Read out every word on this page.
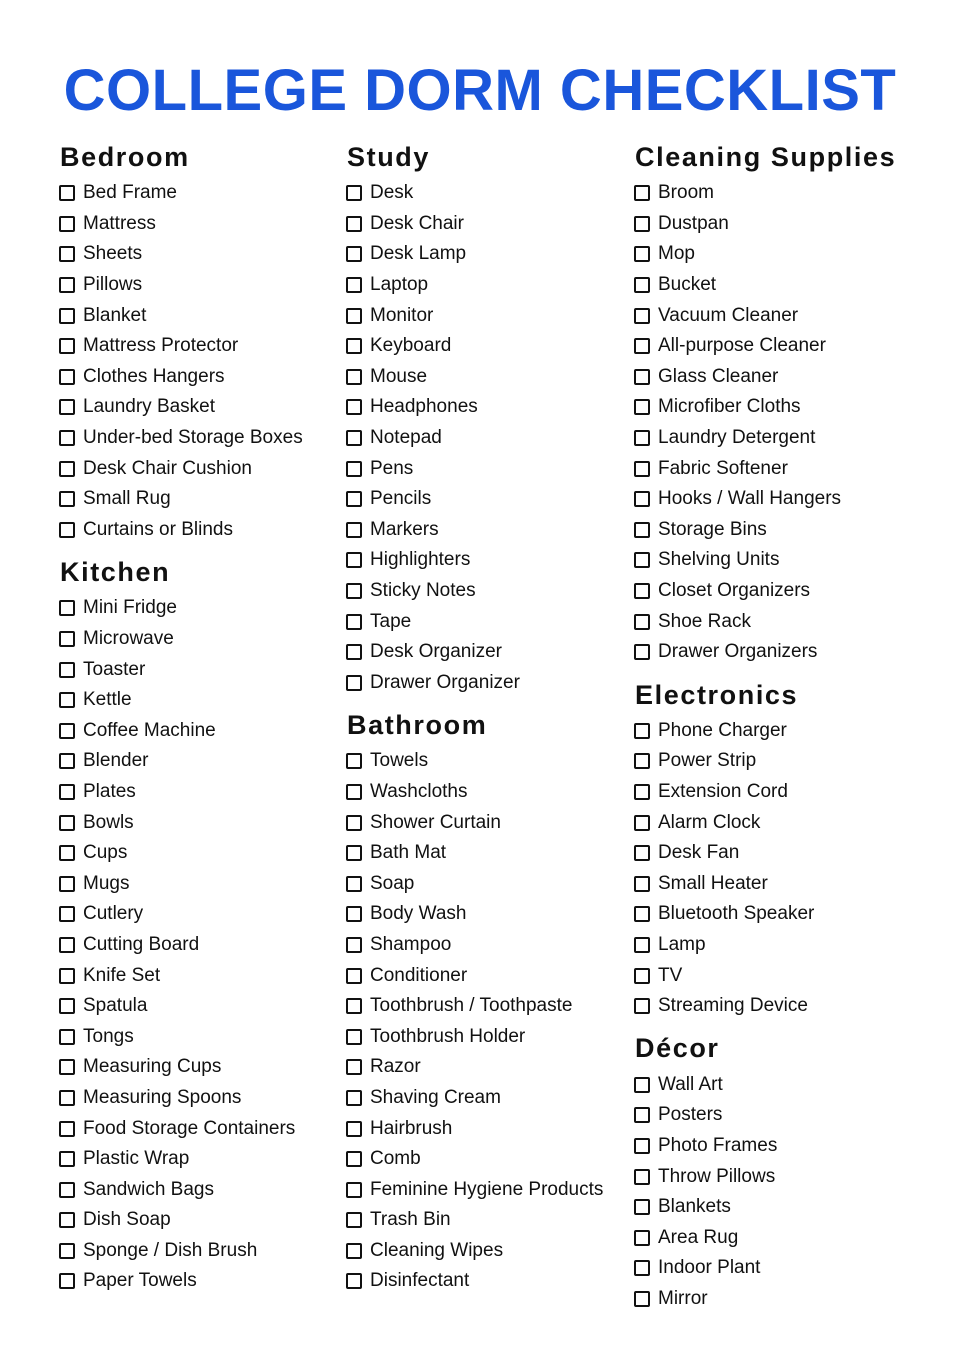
COLLEGE DORM CHECKLIST
Bedroom
Bed Frame
Mattress
Sheets
Pillows
Blanket
Mattress Protector
Clothes Hangers
Laundry Basket
Under-bed Storage Boxes
Desk Chair Cushion
Small Rug
Curtains or Blinds
Kitchen
Mini Fridge
Microwave
Toaster
Kettle
Coffee Machine
Blender
Plates
Bowls
Cups
Mugs
Cutlery
Cutting Board
Knife Set
Spatula
Tongs
Measuring Cups
Measuring Spoons
Food Storage Containers
Plastic Wrap
Sandwich Bags
Dish Soap
Sponge / Dish Brush
Paper Towels
Study
Desk
Desk Chair
Desk Lamp
Laptop
Monitor
Keyboard
Mouse
Headphones
Notepad
Pens
Pencils
Markers
Highlighters
Sticky Notes
Tape
Desk Organizer
Drawer Organizer
Bathroom
Towels
Washcloths
Shower Curtain
Bath Mat
Soap
Body Wash
Shampoo
Conditioner
Toothbrush / Toothpaste
Toothbrush Holder
Razor
Shaving Cream
Hairbrush
Comb
Feminine Hygiene Products
Trash Bin
Cleaning Wipes
Disinfectant
Cleaning Supplies
Broom
Dustpan
Mop
Bucket
Vacuum Cleaner
All-purpose Cleaner
Glass Cleaner
Microfiber Cloths
Laundry Detergent
Fabric Softener
Hooks / Wall Hangers
Storage Bins
Shelving Units
Closet Organizers
Shoe Rack
Drawer Organizers
Electronics
Phone Charger
Power Strip
Extension Cord
Alarm Clock
Desk Fan
Small Heater
Bluetooth Speaker
Lamp
TV
Streaming Device
Décor
Wall Art
Posters
Photo Frames
Throw Pillows
Blankets
Area Rug
Indoor Plant
Mirror
